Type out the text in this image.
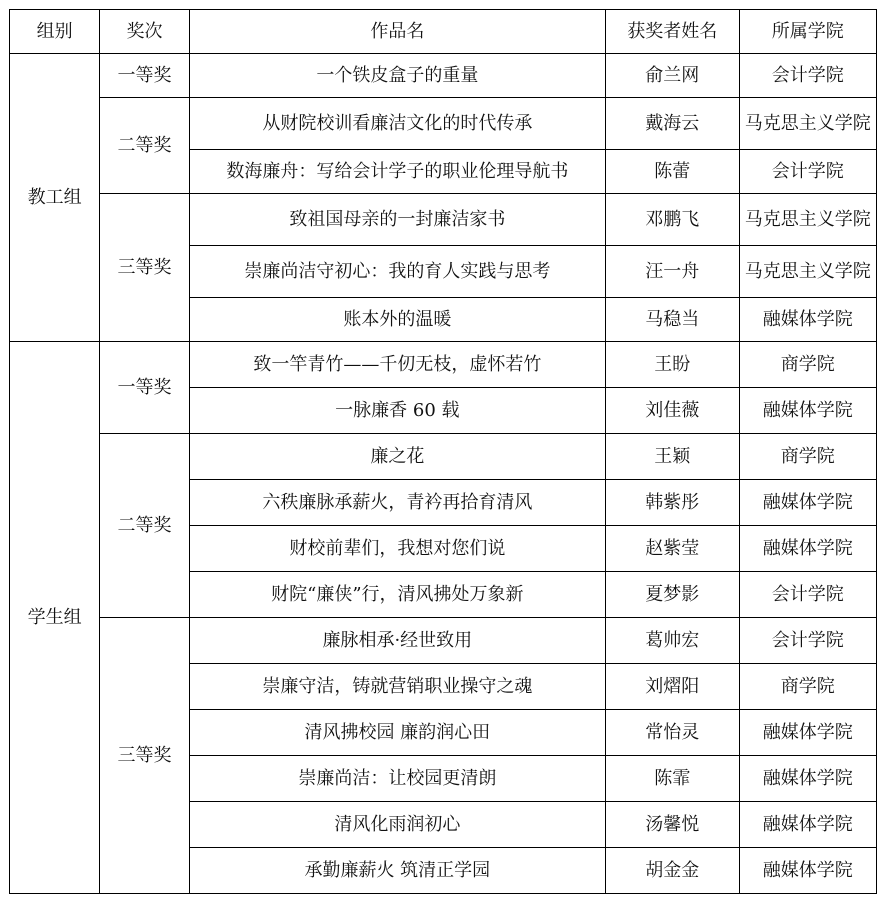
组别	奖次	作品名	获奖者姓名	所属学院
教工组	一等奖	一个铁皮盒子的重量	俞兰网	会计学院
	二等奖	从财院校训看廉洁文化的时代传承	戴海云	马克思主义学院
		数海廉舟：写给会计学子的职业伦理导航书	陈蕾	会计学院
	三等奖	致祖国母亲的一封廉洁家书	邓鹏飞	马克思主义学院
		崇廉尚洁守初心：我的育人实践与思考	汪一舟	马克思主义学院
		账本外的温暖	马稳当	融媒体学院
学生组	一等奖	致一竿青竹——千仞无枝，虚怀若竹	王盼	商学院
		一脉廉香 60 载	刘佳薇	融媒体学院
	二等奖	廉之花	王颖	商学院
		六秩廉脉承薪火，青衿再拾育清风	韩紫彤	融媒体学院
		财校前辈们，我想对您们说	赵紫莹	融媒体学院
		财院“廉侠”行，清风拂处万象新	夏梦影	会计学院
	三等奖	廉脉相承·经世致用	葛帅宏	会计学院
		崇廉守洁，铸就营销职业操守之魂	刘熠阳	商学院
		清风拂校园 廉韵润心田	常怡灵	融媒体学院
		崇廉尚洁：让校园更清朗	陈霏	融媒体学院
		清风化雨润初心	汤馨悦	融媒体学院
		承勤廉薪火 筑清正学园	胡金金	融媒体学院
